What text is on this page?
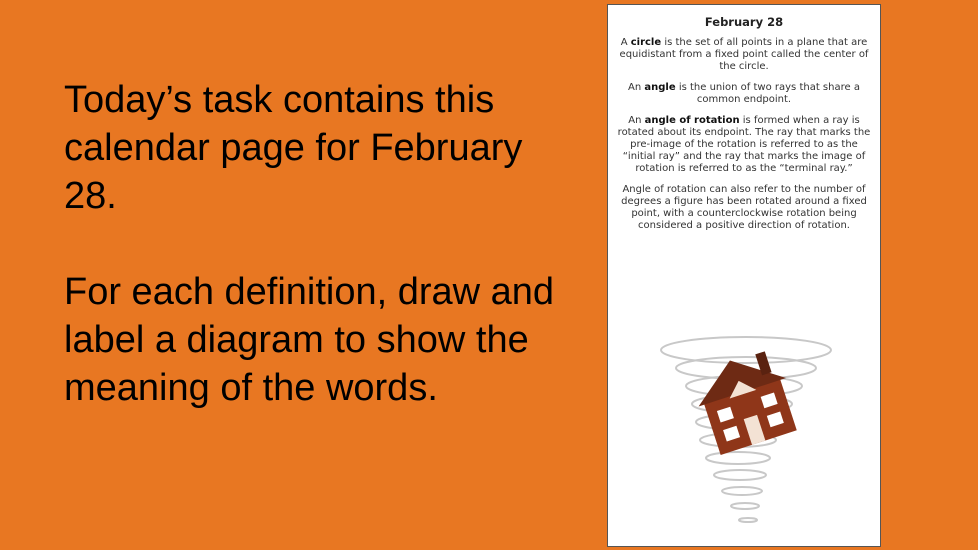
Today’s task contains this calendar page for February 28.

For each definition, draw and label a diagram to show the meaning of the words.

February 28

A circle is the set of all points in a plane that are equidistant from a fixed point called the center of the circle.

An angle is the union of two rays that share a common endpoint.

An angle of rotation is formed when a ray is rotated about its endpoint. The ray that marks the pre-image of the rotation is referred to as the “initial ray” and the ray that marks the image of rotation is referred to as the “terminal ray.”

Angle of rotation can also refer to the number of degrees a figure has been rotated around a fixed point, with a counterclockwise rotation being considered a positive direction of rotation.
